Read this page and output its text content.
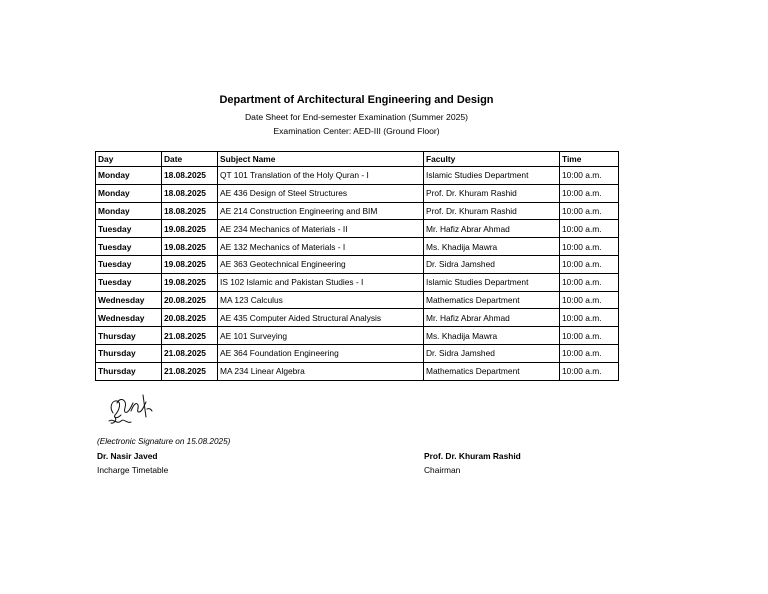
Department of Architectural Engineering and Design
Date Sheet for End-semester Examination (Summer 2025)
Examination Center: AED-III (Ground Floor)
Day	Date	Subject Name	Faculty	Time
Monday	18.08.2025	QT 101 Translation of the Holy Quran - I	Islamic Studies Department	10:00 a.m.
Monday	18.08.2025	AE 436 Design of Steel Structures	Prof. Dr. Khuram Rashid	10:00 a.m.
Monday	18.08.2025	AE 214 Construction Engineering and BIM	Prof. Dr. Khuram Rashid	10:00 a.m.
Tuesday	19.08.2025	AE 234 Mechanics of Materials - II	Mr. Hafiz Abrar Ahmad	10:00 a.m.
Tuesday	19.08.2025	AE 132 Mechanics of Materials - I	Ms. Khadija Mawra	10:00 a.m.
Tuesday	19.08.2025	AE 363 Geotechnical Engineering	Dr. Sidra Jamshed	10:00 a.m.
Tuesday	19.08.2025	IS 102 Islamic and Pakistan Studies - I	Islamic Studies Department	10:00 a.m.
Wednesday	20.08.2025	MA 123 Calculus	Mathematics Department	10:00 a.m.
Wednesday	20.08.2025	AE 435 Computer Aided Structural Analysis	Mr. Hafiz Abrar Ahmad	10:00 a.m.
Thursday	21.08.2025	AE 101 Surveying	Ms. Khadija Mawra	10:00 a.m.
Thursday	21.08.2025	AE 364 Foundation Engineering	Dr. Sidra Jamshed	10:00 a.m.
Thursday	21.08.2025	MA 234 Linear Algebra	Mathematics Department	10:00 a.m.
(Electronic Signature on 15.08.2025)
Dr. Nasir Javed
Incharge Timetable
Prof. Dr. Khuram Rashid
Chairman
